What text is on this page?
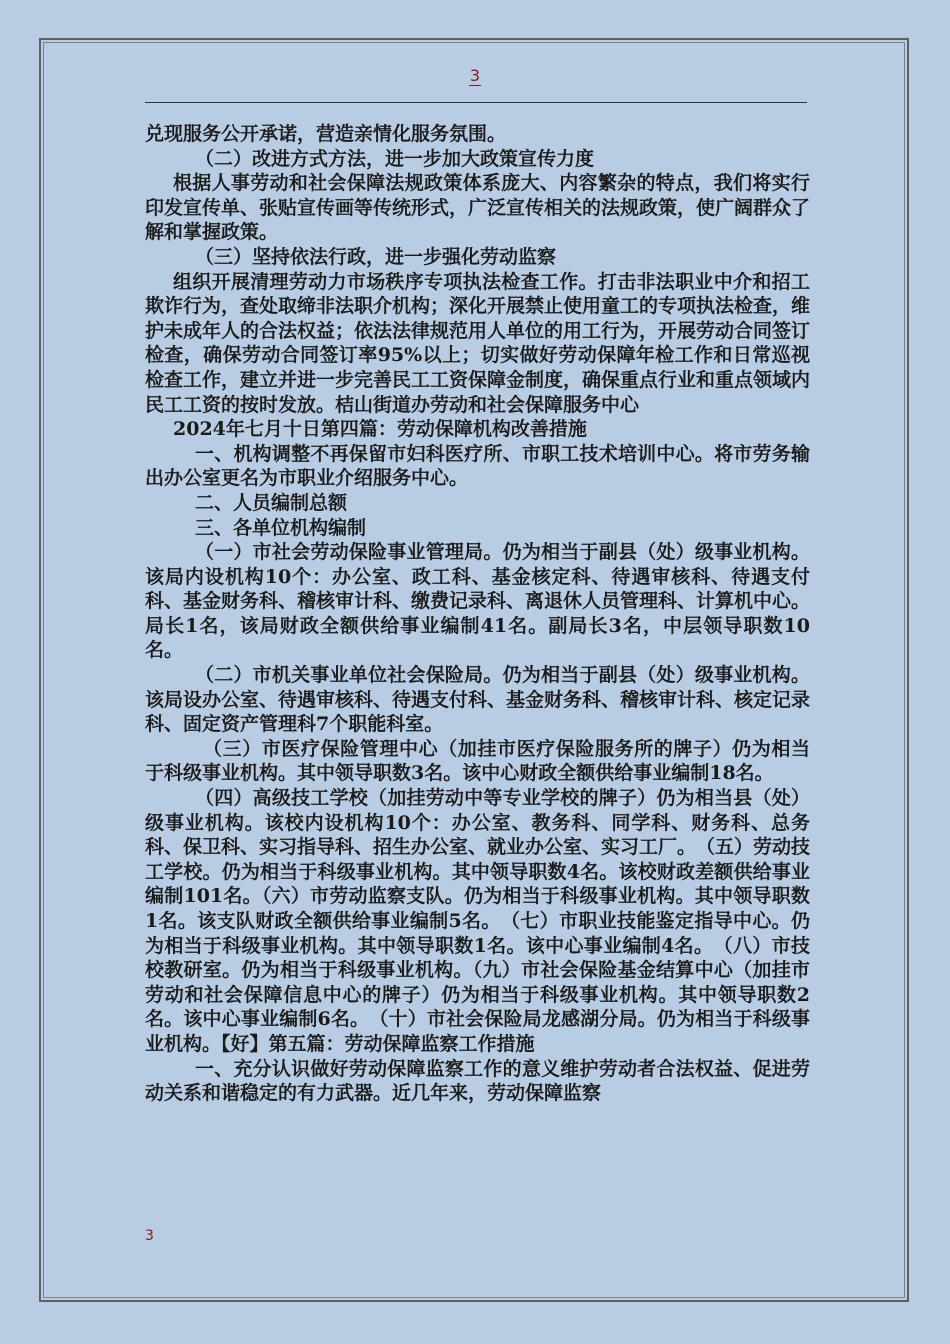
3

兑现服务公开承诺，营造亲情化服务氛围。

（二）改进方式方法，进一步加大政策宣传力度

根据人事劳动和社会保障法规政策体系庞大、内容繁杂的特点，我们将实行印发宣传单、张贴宣传画等传统形式，广泛宣传相关的法规政策，使广阔群众了解和掌握政策。

（三）坚持依法行政，进一步强化劳动监察

组织开展清理劳动力市场秩序专项执法检查工作。打击非法职业中介和招工欺诈行为，查处取缔非法职介机构；深化开展禁止使用童工的专项执法检查，维护未成年人的合法权益；依法法律规范用人单位的用工行为，开展劳动合同签订检查，确保劳动合同签订率95%以上；切实做好劳动保障年检工作和日常巡视检查工作，建立并进一步完善民工工资保障金制度，确保重点行业和重点领域内民工工资的按时发放。桔山街道办劳动和社会保障服务中心

2024年七月十日第四篇：劳动保障机构改善措施

一、机构调整不再保留市妇科医疗所、市职工技术培训中心。将市劳务输出办公室更名为市职业介绍服务中心。

二、人员编制总额

三、各单位机构编制

（一）市社会劳动保险事业管理局。仍为相当于副县（处）级事业机构。该局内设机构10个：办公室、政工科、基金核定科、待遇审核科、待遇支付科、基金财务科、稽核审计科、缴费记录科、离退休人员管理科、计算机中心。局长1名，该局财政全额供给事业编制41名。副局长3名，中层领导职数10名。

（二）市机关事业单位社会保险局。仍为相当于副县（处）级事业机构。该局设办公室、待遇审核科、待遇支付科、基金财务科、稽核审计科、核定记录科、固定资产管理科7个职能科室。

（三）市医疗保险管理中心（加挂市医疗保险服务所的牌子）仍为相当于科级事业机构。其中领导职数3名。该中心财政全额供给事业编制18名。

（四）高级技工学校（加挂劳动中等专业学校的牌子）仍为相当县（处）级事业机构。该校内设机构10个：办公室、教务科、同学科、财务科、总务科、保卫科、实习指导科、招生办公室、就业办公室、实习工厂。　（五）劳动技工学校。仍为相当于科级事业机构。其中领导职数4名。该校财政差额供给事业编制101名。（六）市劳动监察支队。仍为相当于科级事业机构。其中领导职数1名。该支队财政全额供给事业编制5名。　（七）市职业技能鉴定指导中心。仍为相当于科级事业机构。其中领导职数1名。该中心事业编制4名。　（八）市技校教研室。仍为相当于科级事业机构。（九）市社会保险基金结算中心（加挂市劳动和社会保障信息中心的牌子）仍为相当于科级事业机构。其中领导职数2名。该中心事业编制6名。　（十）市社会保险局龙感湖分局。仍为相当于科级事业机构。【好】第五篇：劳动保障监察工作措施

一、充分认识做好劳动保障监察工作的意义维护劳动者合法权益、促进劳动关系和谐稳定的有力武器。近几年来，劳动保障监察

3
